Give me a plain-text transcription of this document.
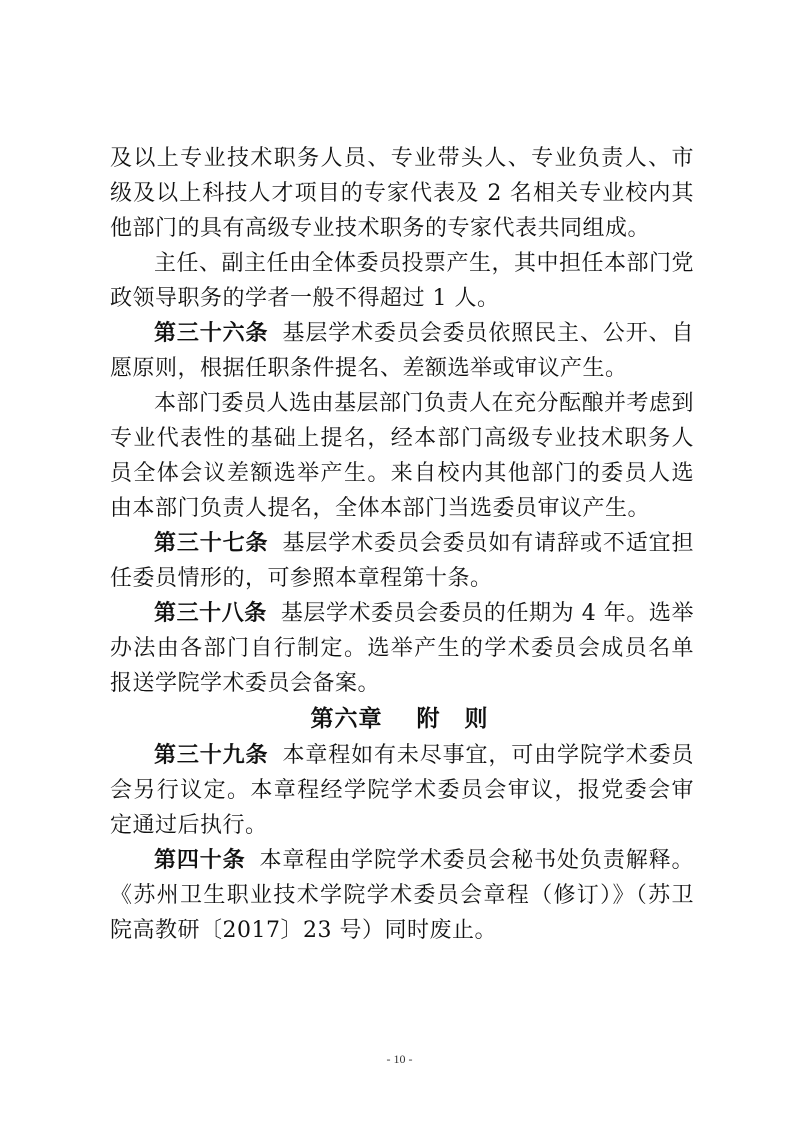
及以上专业技术职务人员、专业带头人、专业负责人、市级及以上科技人才项目的专家代表及 2 名相关专业校内其他部门的具有高级专业技术职务的专家代表共同组成。

主任、副主任由全体委员投票产生，其中担任本部门党政领导职务的学者一般不得超过 1 人。

第三十六条 基层学术委员会委员依照民主、公开、自愿原则，根据任职条件提名、差额选举或审议产生。

本部门委员人选由基层部门负责人在充分酝酿并考虑到专业代表性的基础上提名，经本部门高级专业技术职务人员全体会议差额选举产生。来自校内其他部门的委员人选由本部门负责人提名，全体本部门当选委员审议产生。

第三十七条 基层学术委员会委员如有请辞或不适宜担任委员情形的，可参照本章程第十条。

第三十八条 基层学术委员会委员的任期为 4 年。选举办法由各部门自行制定。选举产生的学术委员会成员名单报送学院学术委员会备案。

第六章 附　则

第三十九条 本章程如有未尽事宜，可由学院学术委员会另行议定。本章程经学院学术委员会审议，报党委会审定通过后执行。

第四十条 本章程由学院学术委员会秘书处负责解释。《苏州卫生职业技术学院学术委员会章程（修订）》（苏卫院高教研〔2017〕23 号）同时废止。

- 10 -
